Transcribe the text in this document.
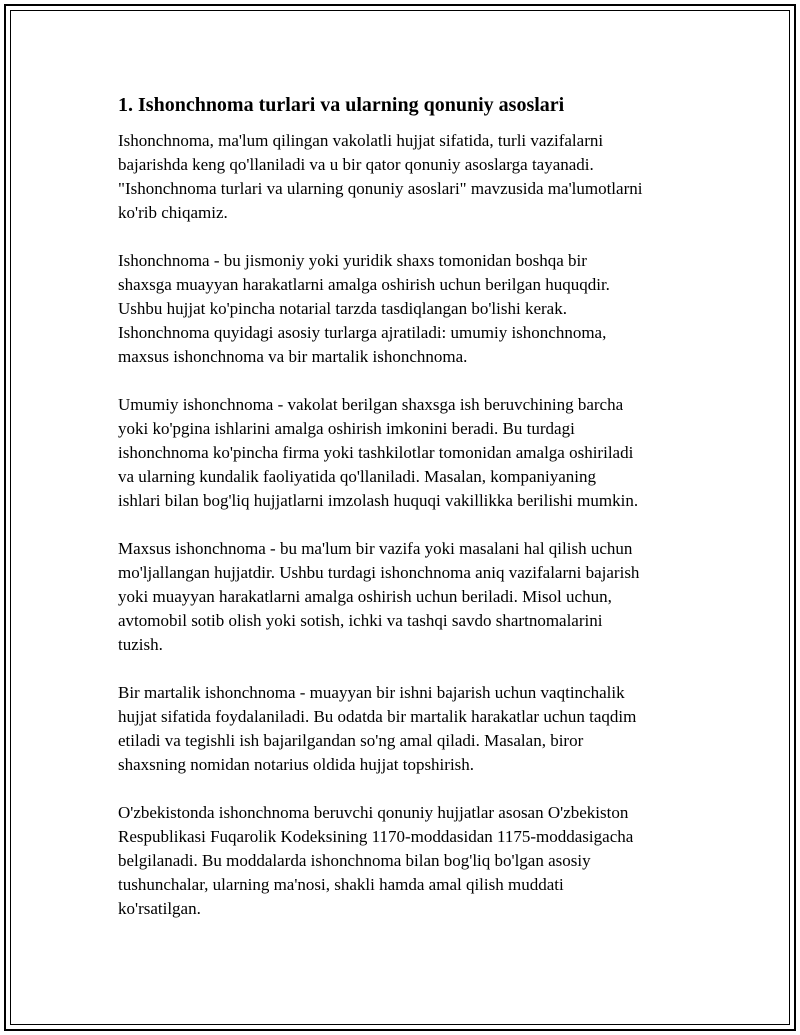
1. Ishonchnoma turlari va ularning qonuniy asoslari

Ishonchnoma, ma'lum qilingan vakolatli hujjat sifatida, turli vazifalarni
bajarishda keng qo'llaniladi va u bir qator qonuniy asoslarga tayanadi.
"Ishonchnoma turlari va ularning qonuniy asoslari" mavzusida ma'lumotlarni
ko'rib chiqamiz.

Ishonchnoma - bu jismoniy yoki yuridik shaxs tomonidan boshqa bir
shaxsga muayyan harakatlarni amalga oshirish uchun berilgan huquqdir.
Ushbu hujjat ko'pincha notarial tarzda tasdiqlangan bo'lishi kerak.
Ishonchnoma quyidagi asosiy turlarga ajratiladi: umumiy ishonchnoma,
maxsus ishonchnoma va bir martalik ishonchnoma.

Umumiy ishonchnoma - vakolat berilgan shaxsga ish beruvchining barcha
yoki ko'pgina ishlarini amalga oshirish imkonini beradi. Bu turdagi
ishonchnoma ko'pincha firma yoki tashkilotlar tomonidan amalga oshiriladi
va ularning kundalik faoliyatida qo'llaniladi. Masalan, kompaniyaning
ishlari bilan bog'liq hujjatlarni imzolash huquqi vakillikka berilishi mumkin.

Maxsus ishonchnoma - bu ma'lum bir vazifa yoki masalani hal qilish uchun
mo'ljallangan hujjatdir. Ushbu turdagi ishonchnoma aniq vazifalarni bajarish
yoki muayyan harakatlarni amalga oshirish uchun beriladi. Misol uchun,
avtomobil sotib olish yoki sotish, ichki va tashqi savdo shartnomalarini
tuzish.

Bir martalik ishonchnoma - muayyan bir ishni bajarish uchun vaqtinchalik
hujjat sifatida foydalaniladi. Bu odatda bir martalik harakatlar uchun taqdim
etiladi va tegishli ish bajarilgandan so'ng amal qiladi. Masalan, biror
shaxsning nomidan notarius oldida hujjat topshirish.

O'zbekistonda ishonchnoma beruvchi qonuniy hujjatlar asosan O'zbekiston
Respublikasi Fuqarolik Kodeksining 1170-moddasidan 1175-moddasigacha
belgilanadi. Bu moddalarda ishonchnoma bilan bog'liq bo'lgan asosiy
tushunchalar, ularning ma'nosi, shakli hamda amal qilish muddati
ko'rsatilgan.
